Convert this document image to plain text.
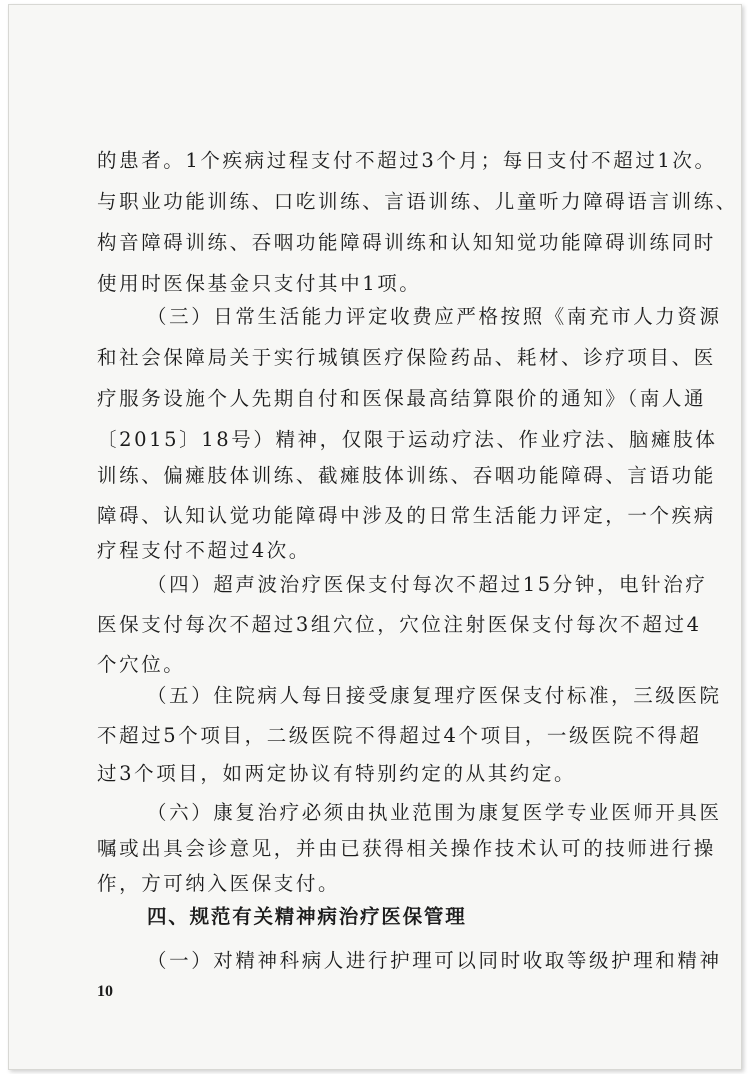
的患者。1个疾病过程支付不超过3个月；每日支付不超过1次。
与职业功能训练、口吃训练、言语训练、儿童听力障碍语言训练、
构音障碍训练、吞咽功能障碍训练和认知知觉功能障碍训练同时
使用时医保基金只支付其中1项。
（三）日常生活能力评定收费应严格按照《南充市人力资源
和社会保障局关于实行城镇医疗保险药品、耗材、诊疗项目、医
疗服务设施个人先期自付和医保最高结算限价的通知》（南人通
〔2015〕18号）精神，仅限于运动疗法、作业疗法、脑瘫肢体
训练、偏瘫肢体训练、截瘫肢体训练、吞咽功能障碍、言语功能
障碍、认知认觉功能障碍中涉及的日常生活能力评定，一个疾病
疗程支付不超过4次。
（四）超声波治疗医保支付每次不超过15分钟，电针治疗
医保支付每次不超过3组穴位，穴位注射医保支付每次不超过4
个穴位。
（五）住院病人每日接受康复理疗医保支付标准，三级医院
不超过5个项目，二级医院不得超过4个项目，一级医院不得超
过3个项目，如两定协议有特别约定的从其约定。
（六）康复治疗必须由执业范围为康复医学专业医师开具医
嘱或出具会诊意见，并由已获得相关操作技术认可的技师进行操
作，方可纳入医保支付。
（一）对精神科病人进行护理可以同时收取等级护理和精神
四、规范有关精神病治疗医保管理
10
